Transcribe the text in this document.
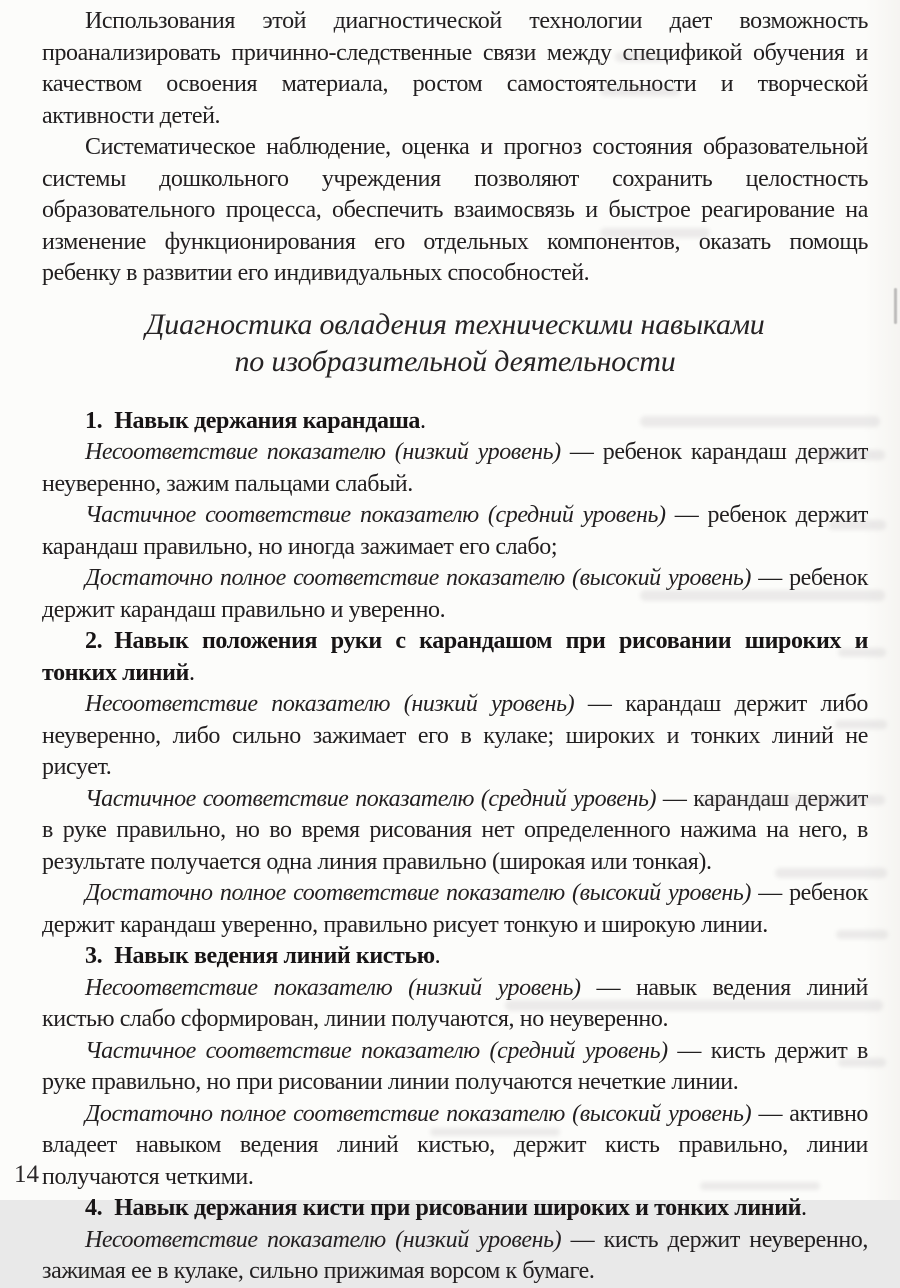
Использования этой диагностической технологии дает возможность проанализировать причинно-следственные связи между спецификой обучения и качеством освоения материала, ростом самостоятельности и творческой активности детей.

Систематическое наблюдение, оценка и прогноз состояния образовательной системы дошкольного учреждения позволяют сохранить целостность образовательного процесса, обеспечить взаимосвязь и быстрое реагирование на изменение функционирования его отдельных компонентов, оказать помощь ребенку в развитии его индивидуальных способностей.

Диагностика овладения техническими навыками
по изобразительной деятельности

1. Навык держания карандаша.

Несоответствие показателю (низкий уровень) — ребенок карандаш держит неуверенно, зажим пальцами слабый.

Частичное соответствие показателю (средний уровень) — ребенок держит карандаш правильно, но иногда зажимает его слабо;

Достаточно полное соответствие показателю (высокий уровень) — ребенок держит карандаш правильно и уверенно.

2. Навык положения руки с карандашом при рисовании широких и тонких линий.

Несоответствие показателю (низкий уровень) — карандаш держит либо неуверенно, либо сильно зажимает его в кулаке; широких и тонких линий не рисует.

Частичное соответствие показателю (средний уровень) — карандаш держит в руке правильно, но во время рисования нет определенного нажима на него, в результате получается одна линия правильно (широкая или тонкая).

Достаточно полное соответствие показателю (высокий уровень) — ребенок держит карандаш уверенно, правильно рисует тонкую и широкую линии.

3. Навык ведения линий кистью.

Несоответствие показателю (низкий уровень) — навык ведения линий кистью слабо сформирован, линии получаются, но неуверенно.

Частичное соответствие показателю (средний уровень) — кисть держит в руке правильно, но при рисовании линии получаются нечеткие линии.

Достаточно полное соответствие показателю (высокий уровень) — активно владеет навыком ведения линий кистью, держит кисть правильно, линии получаются четкими.

4. Навык держания кисти при рисовании широких и тонких линий.

Несоответствие показателю (низкий уровень) — кисть держит неуверенно, зажимая ее в кулаке, сильно прижимая ворсом к бумаге.

14
